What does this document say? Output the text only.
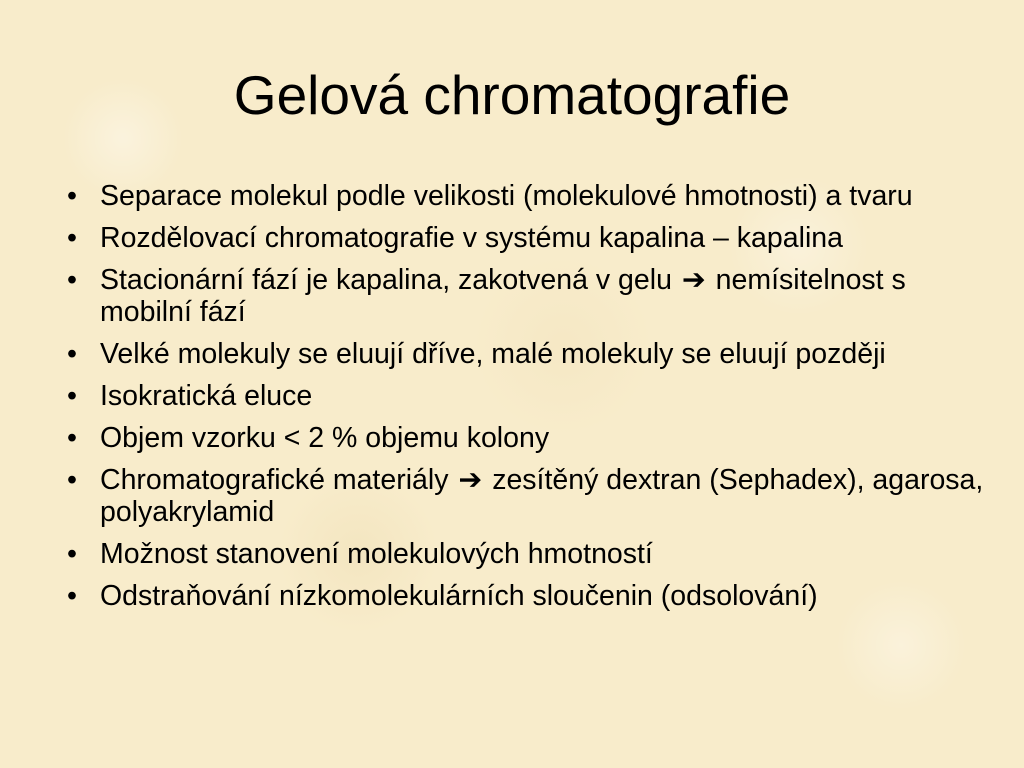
Gelová chromatografie
• Separace molekul podle velikosti (molekulové hmotnosti) a tvaru
• Rozdělovací chromatografie v systému kapalina – kapalina
• Stacionární fází je kapalina, zakotvená v gelu ➔ nemísitelnost s mobilní fází
• Velké molekuly se eluují dříve, malé molekuly se eluují později
• Isokratická eluce
• Objem vzorku < 2 % objemu kolony
• Chromatografické materiály ➔ zesítěný dextran (Sephadex), agarosa, polyakrylamid
• Možnost stanovení molekulových hmotností
• Odstraňování nízkomolekulárních sloučenin (odsolování)
